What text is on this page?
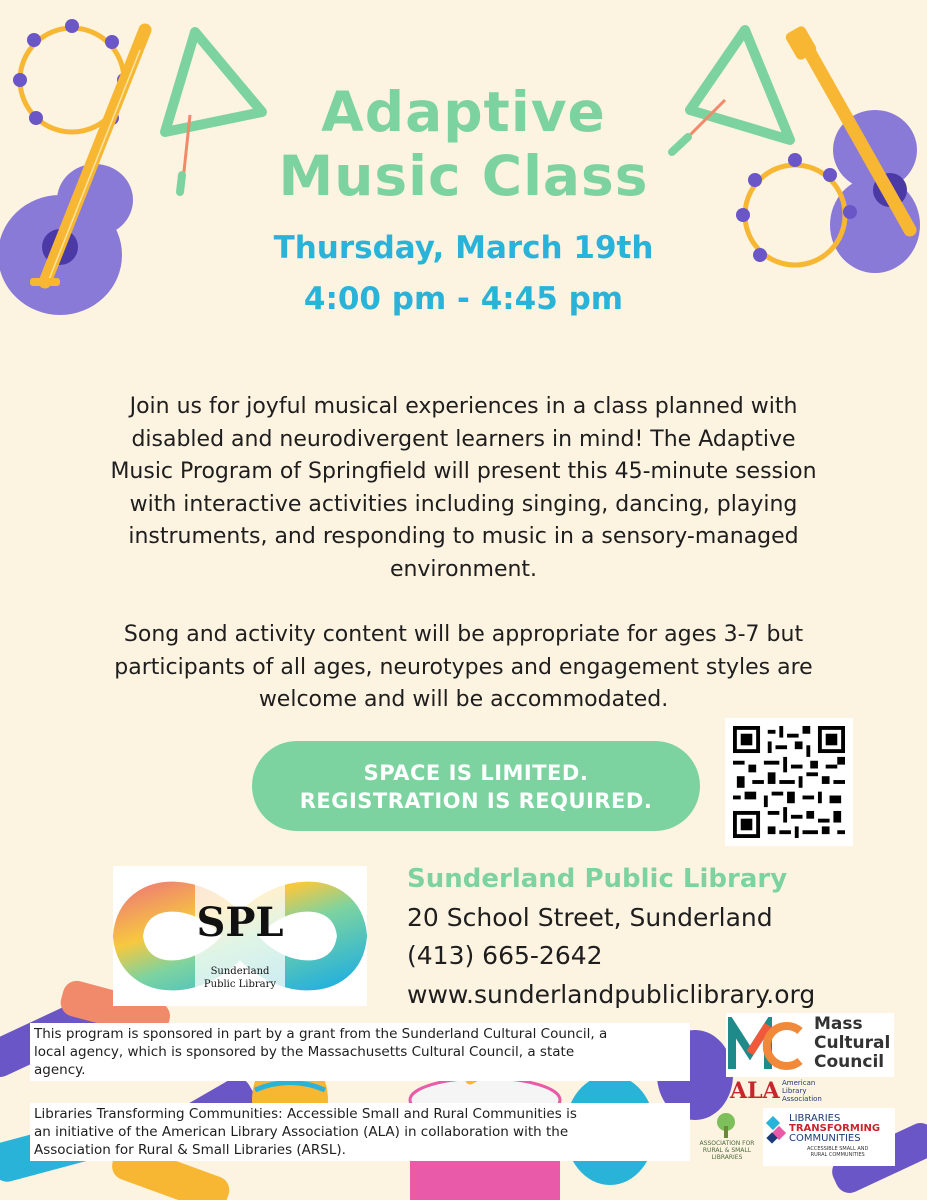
Adaptive
Music Class
Thursday, March 19th
4:00 pm - 4:45 pm
Join us for joyful musical experiences in a class planned with
disabled and neurodivergent learners in mind! The Adaptive
Music Program of Springfield will present this 45-minute session
with interactive activities including singing, dancing, playing
instruments, and responding to music in a sensory-managed
environment.
Song and activity content will be appropriate for ages 3-7 but
participants of all ages, neurotypes and engagement styles are
welcome and will be accommodated.
SPACE IS LIMITED.
REGISTRATION IS REQUIRED.
SPL
Sunderland
Public Library
Sunderland Public Library
20 School Street, Sunderland
(413) 665-2642
www.sunderlandpubliclibrary.org
This program is sponsored in part by a grant from the Sunderland Cultural Council, a
local agency, which is sponsored by the Massachusetts Cultural Council, a state
agency.
Libraries Transforming Communities: Accessible Small and Rural Communities is
an initiative of the American Library Association (ALA) in collaboration with the
Association for Rural & Small Libraries (ARSL).
Mass
Cultural
Council
ALA American
Library
Association
ASSOCIATION FOR
RURAL & SMALL
LIBRARIES
LIBRARIES
TRANSFORMING
COMMUNITIES
ACCESSIBLE SMALL AND
RURAL COMMUNITIES
